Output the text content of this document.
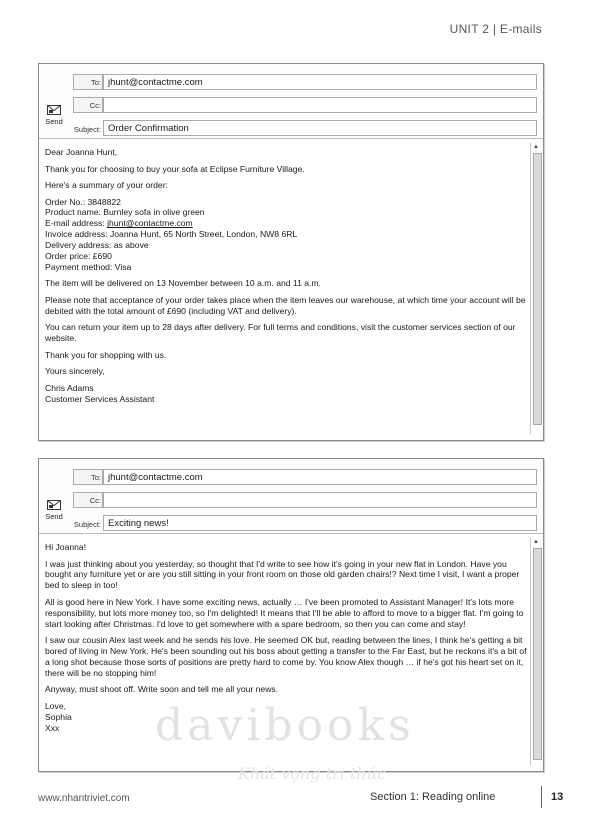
UNIT 2 | E-mails
To: jhunt@contactme.com
Cc:
Subject: Order Confirmation
Send

Dear Joanna Hunt,

Thank you for choosing to buy your sofa at Eclipse Furniture Village.

Here's a summary of your order:

Order No.: 3848822
Product name: Burnley sofa in olive green
E-mail address: jhunt@contactme.com
Invoice address: Joanna Hunt, 65 North Street, London, NW8 6RL
Delivery address: as above
Order price: £690
Payment method: Visa

The item will be delivered on 13 November between 10 a.m. and 11 a.m.

Please note that acceptance of your order takes place when the item leaves our warehouse, at which time your account will be debited with the total amount of £690 (including VAT and delivery).

You can return your item up to 28 days after delivery. For full terms and conditions, visit the customer services section of our website.

Thank you for shopping with us.

Yours sincerely,

Chris Adams
Customer Services Assistant
▲
To: jhunt@contactme.com
Cc:
Subject: Exciting news!
Send

Hi Joanna!

I was just thinking about you yesterday, so thought that I'd write to see how it's going in your new flat in London. Have you bought any furniture yet or are you still sitting in your front room on those old garden chairs!? Next time I visit, I want a proper bed to sleep in too!

All is good here in New York. I have some exciting news, actually … I've been promoted to Assistant Manager! It's lots more responsibility, but lots more money too, so I'm delighted! It means that I'll be able to afford to move to a bigger flat. I'm going to start looking after Christmas. I'd love to get somewhere with a spare bedroom, so then you can come and stay!

I saw our cousin Alex last week and he sends his love. He seemed OK but, reading between the lines, I think he's getting a bit bored of living in New York. He's been sounding out his boss about getting a transfer to the Far East, but he reckons it's a bit of a long shot because those sorts of positions are pretty hard to come by. You know Alex though … if he's got his heart set on it, there will be no stopping him!

Anyway, must shoot off. Write soon and tell me all your news.

Love,
Sophia
Xxx
▲
davibooks
Khát vọng tri thức
www.nhantriviet.com	Section 1: Reading online	13
